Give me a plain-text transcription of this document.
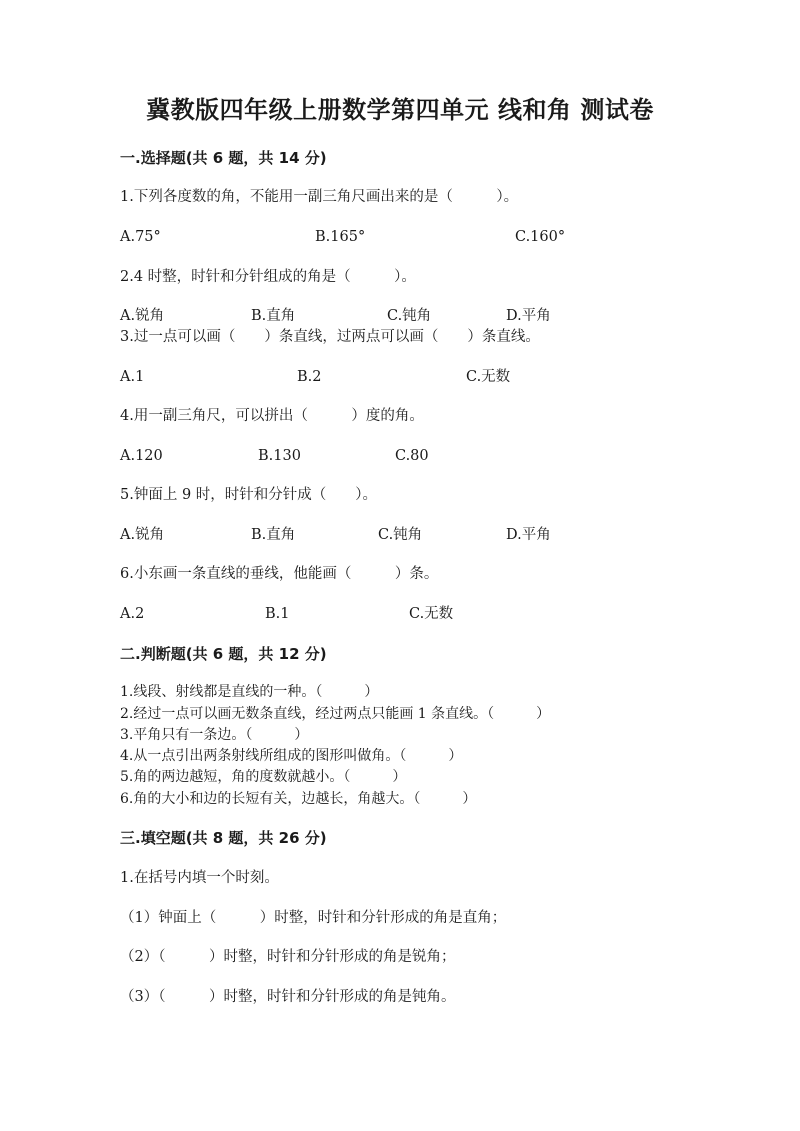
冀教版四年级上册数学第四单元 线和角 测试卷
一.选择题(共 6 题，共 14 分)
1.下列各度数的角，不能用一副三角尺画出来的是（　　　）。
A.75°	B.165°	C.160°
2.4 时整，时针和分针组成的角是（　　　）。
A.锐角	B.直角	C.钝角	D.平角
3.过一点可以画（　　）条直线，过两点可以画（　　）条直线。
A.1	B.2	C.无数
4.用一副三角尺，可以拼出（　　　）度的角。
A.120	B.130	C.80
5.钟面上 9 时，时针和分针成（　　）。
A.锐角	B.直角	C.钝角	D.平角
6.小东画一条直线的垂线，他能画（　　　）条。
A.2	B.1	C.无数
二.判断题(共 6 题，共 12 分)
1.线段、射线都是直线的一种。（　　　）
2.经过一点可以画无数条直线，经过两点只能画 1 条直线。（　　　）
3.平角只有一条边。（　　　）
4.从一点引出两条射线所组成的图形叫做角。（　　　）
5.角的两边越短，角的度数就越小。（　　　）
6.角的大小和边的长短有关，边越长，角越大。（　　　）
三.填空题(共 8 题，共 26 分)
1.在括号内填一个时刻。
（1）钟面上（　　　）时整，时针和分针形成的角是直角；
（2）（　　　）时整，时针和分针形成的角是锐角；
（3）（　　　）时整，时针和分针形成的角是钝角。
